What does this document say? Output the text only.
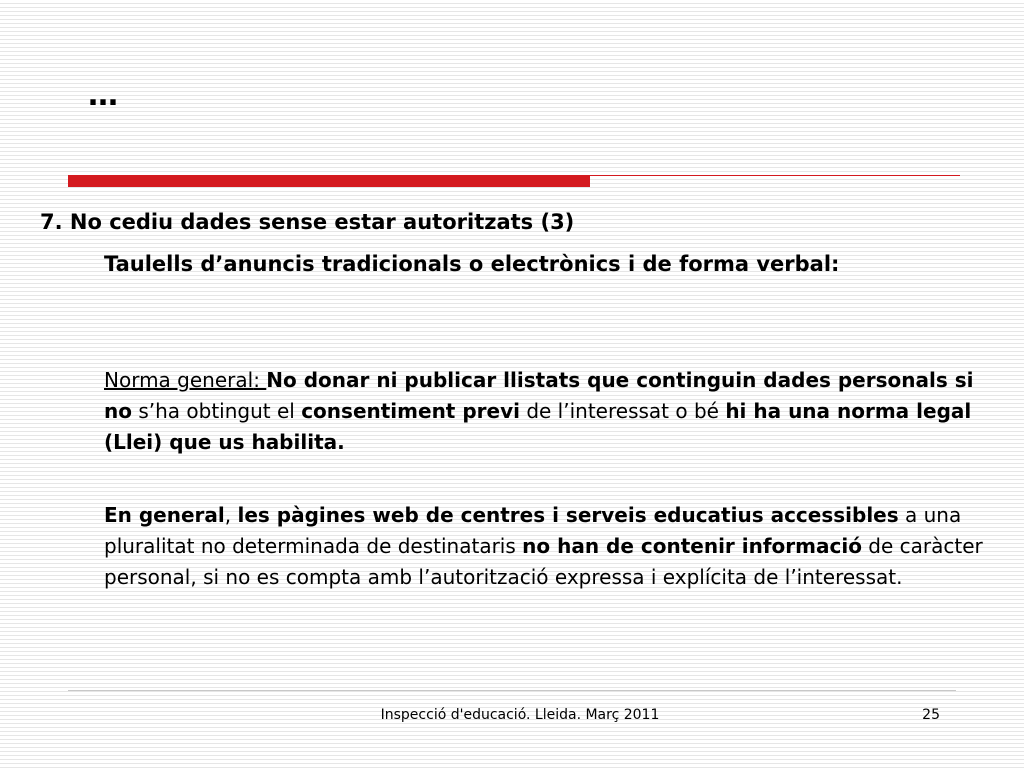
…
7. No cediu dades sense estar autoritzats (3)
Taulells d’anuncis tradicionals o electrònics i de forma verbal:
Norma general: No donar ni publicar llistats que continguin dades personals si no s’ha obtingut el consentiment previ de l’interessat o bé hi ha una norma legal (Llei) que us habilita.
En general, les pàgines web de centres i serveis educatius accessibles a una pluralitat no determinada de destinataris no han de contenir informació de caràcter personal, si no es compta amb l’autorització expressa i explícita de l’interessat.
Inspecció d'educació. Lleida. Març 2011	25
